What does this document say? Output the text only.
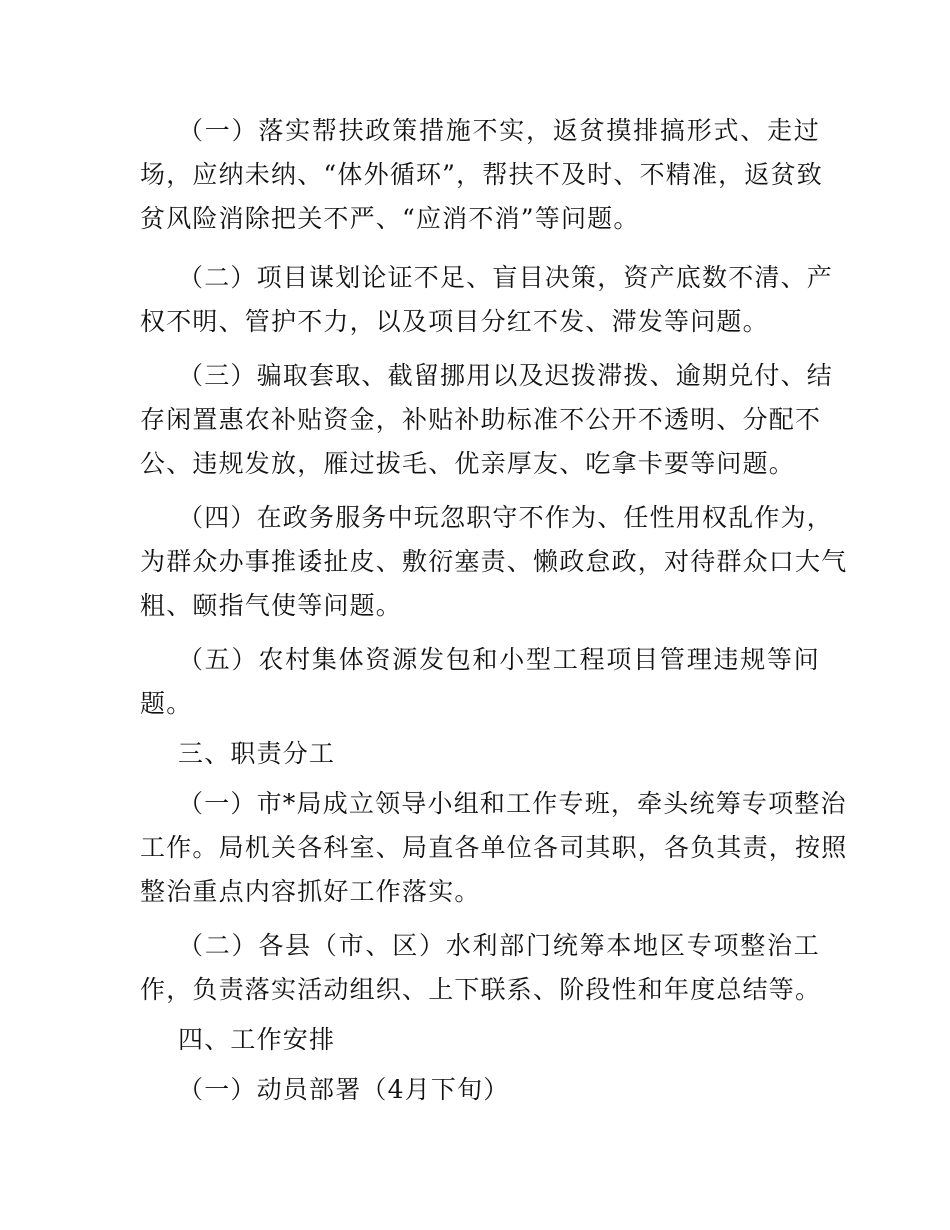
（一）落实帮扶政策措施不实，返贫摸排搞形式、走过
场，应纳未纳、“体外循环”，帮扶不及时、不精准，返贫致
贫风险消除把关不严、“应消不消”等问题。
（二）项目谋划论证不足、盲目决策，资产底数不清、产
权不明、管护不力，以及项目分红不发、滞发等问题。
（三）骗取套取、截留挪用以及迟拨滞拨、逾期兑付、结
存闲置惠农补贴资金，补贴补助标准不公开不透明、分配不
公、违规发放，雁过拔毛、优亲厚友、吃拿卡要等问题。
（四）在政务服务中玩忽职守不作为、任性用权乱作为，
为群众办事推诿扯皮、敷衍塞责、懒政怠政，对待群众口大气
粗、颐指气使等问题。
（五）农村集体资源发包和小型工程项目管理违规等问
题。
三、职责分工
（一）市*局成立领导小组和工作专班，牵头统筹专项整治
工作。局机关各科室、局直各单位各司其职，各负其责，按照
整治重点内容抓好工作落实。
（二）各县（市、区）水利部门统筹本地区专项整治工
作，负责落实活动组织、上下联系、阶段性和年度总结等。
四、工作安排
（一）动员部署（4月下旬）
